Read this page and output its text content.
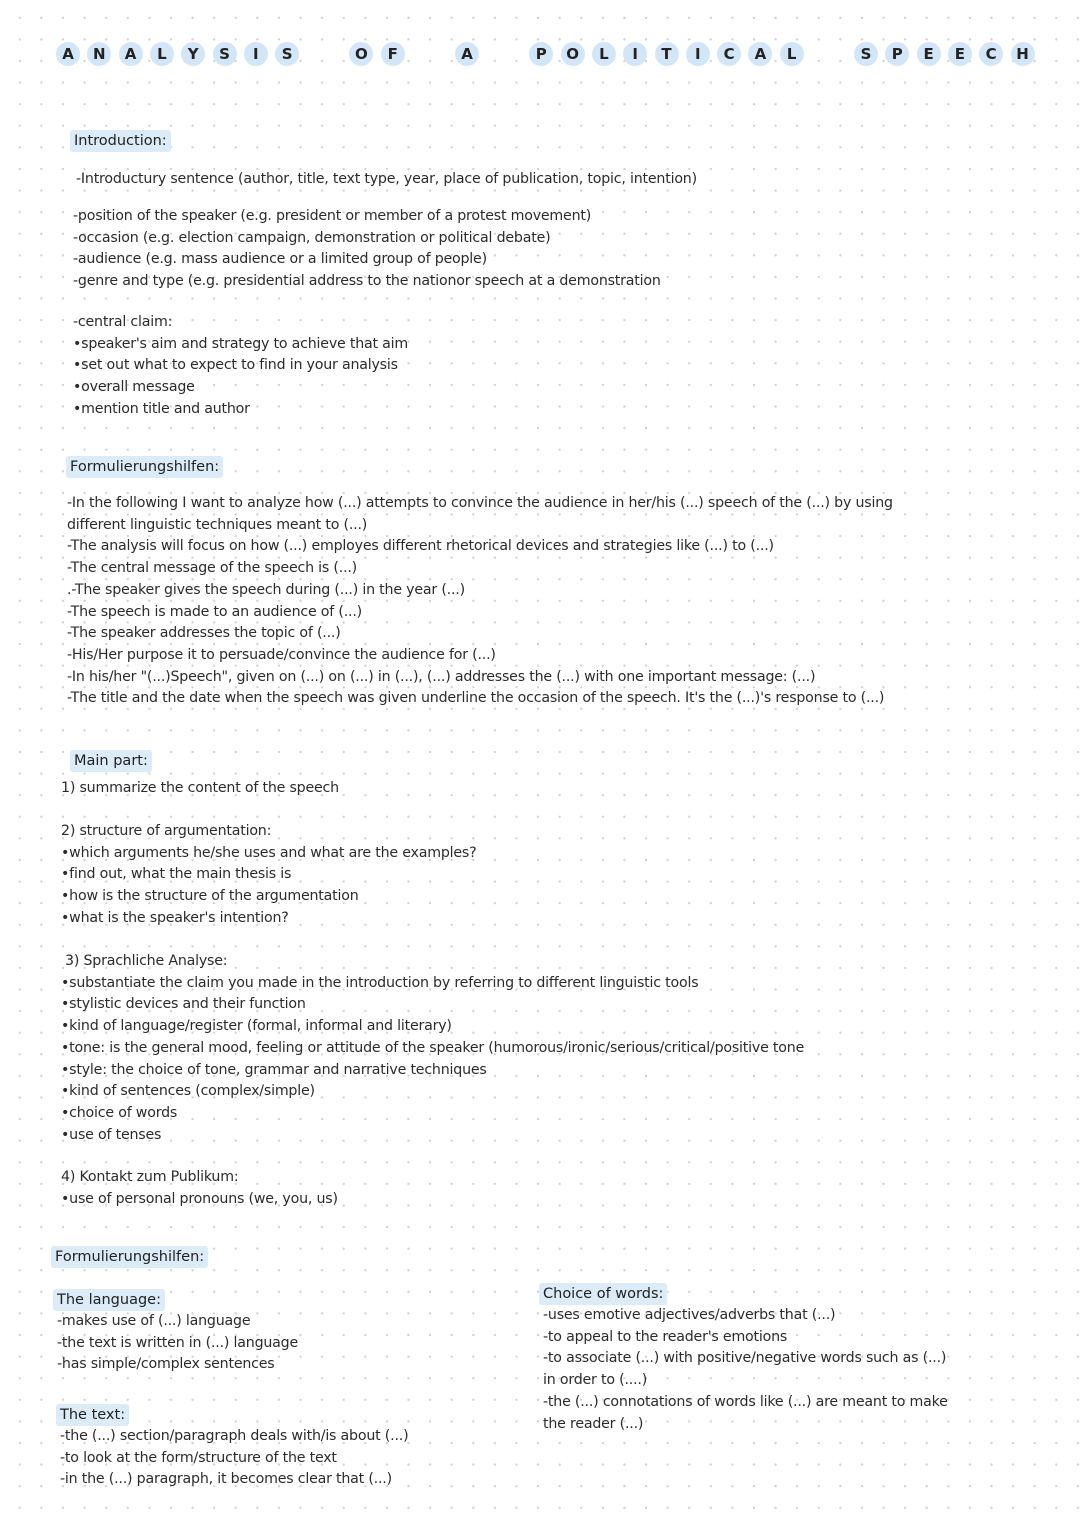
A	N	A	L	Y	S	I	S	O	F	A	P	O	L	I	T	I	C	A	L	S	P	E	E	C	H
Introduction:
-Introductury sentence (author, title, text type, year, place of publication, topic, intention)
-position of the speaker (e.g. president or member of a protest movement)
-occasion (e.g. election campaign, demonstration or political debate)
-audience (e.g. mass audience or a limited group of people)
-genre and type (e.g. presidential address to the nationor speech at a demonstration
-central claim:
•speaker's aim and strategy to achieve that aim
•set out what to expect to find in your analysis
•overall message
•mention title and author
Formulierungshilfen:
-In the following I want to analyze how (...) attempts to convince the audience in her/his (...) speech of the (...) by using
different linguistic techniques meant to (...)
-The analysis will focus on how (...) employes different rhetorical devices and strategies like (...) to (...)
-The central message of the speech is (...)
.-The speaker gives the speech during (...) in the year (...)
-The speech is made to an audience of (...)
-The speaker addresses the topic of (...)
-His/Her purpose it to persuade/convince the audience for (...)
-In his/her "(...)Speech", given on (...) on (...) in (...), (...) addresses the (...) with one important message: (...)
-The title and the date when the speech was given underline the occasion of the speech. It's the (...)'s response to (...)
Main part:
1) summarize the content of the speech
2) structure of argumentation:
•which arguments he/she uses and what are the examples?
•find out, what the main thesis is
•how is the structure of the argumentation
•what is the speaker's intention?
3) Sprachliche Analyse:
•substantiate the claim you made in the introduction by referring to different linguistic tools
•stylistic devices and their function
•kind of language/register (formal, informal and literary)
•tone: is the general mood, feeling or attitude of the speaker (humorous/ironic/serious/critical/positive tone
•style: the choice of tone, grammar and narrative techniques
•kind of sentences (complex/simple)
•choice of words
•use of tenses
4) Kontakt zum Publikum:
•use of personal pronouns (we, you, us)
Formulierungshilfen:
The language:
-makes use of (...) language
-the text is written in (...) language
-has simple/complex sentences
The text:
-the (...) section/paragraph deals with/is about (...)
-to look at the form/structure of the text
-in the (...) paragraph, it becomes clear that (...)
Choice of words:
-uses emotive adjectives/adverbs that (...)
-to appeal to the reader's emotions
-to associate (...) with positive/negative words such as (...)
in order to (....)
-the (...) connotations of words like (...) are meant to make
the reader (...)
